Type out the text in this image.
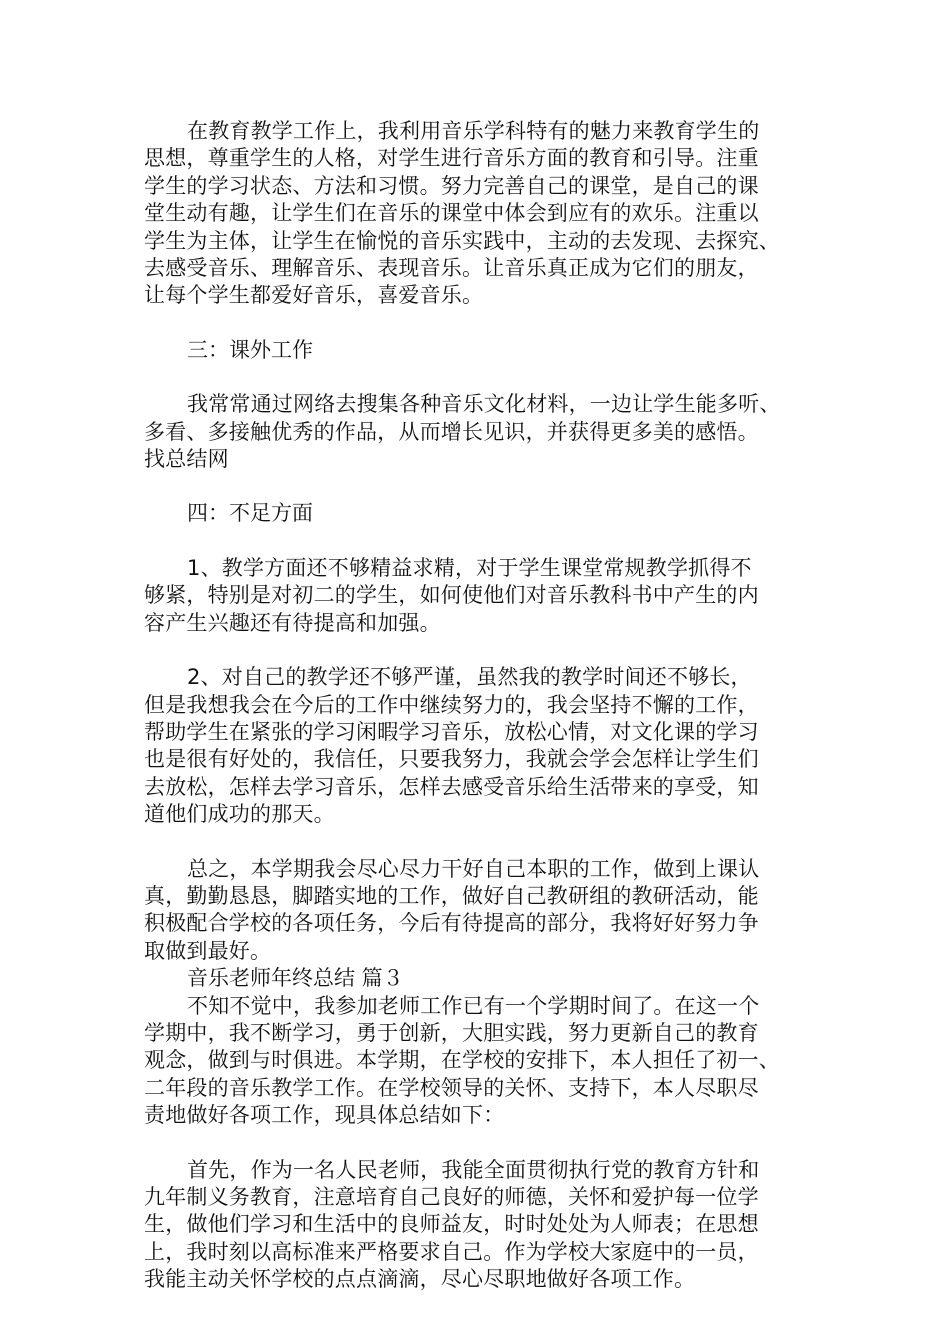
在教育教学工作上，我利用音乐学科特有的魅力来教育学生的
思想，尊重学生的人格，对学生进行音乐方面的教育和引导。注重
学生的学习状态、方法和习惯。努力完善自己的课堂，是自己的课
堂生动有趣，让学生们在音乐的课堂中体会到应有的欢乐。注重以
学生为主体，让学生在愉悦的音乐实践中，主动的去发现、去探究、
去感受音乐、理解音乐、表现音乐。让音乐真正成为它们的朋友，
让每个学生都爱好音乐，喜爱音乐。

三：课外工作

我常常通过网络去搜集各种音乐文化材料，一边让学生能多听、
多看、多接触优秀的作品，从而增长见识，并获得更多美的感悟。
找总结网

四：不足方面

1、教学方面还不够精益求精，对于学生课堂常规教学抓得不
够紧，特别是对初二的学生，如何使他们对音乐教科书中产生的内
容产生兴趣还有待提高和加强。

2、对自己的教学还不够严谨，虽然我的教学时间还不够长，
但是我想我会在今后的工作中继续努力的，我会坚持不懈的工作，
帮助学生在紧张的学习闲暇学习音乐，放松心情，对文化课的学习
也是很有好处的，我信任，只要我努力，我就会学会怎样让学生们
去放松，怎样去学习音乐，怎样去感受音乐给生活带来的享受，知
道他们成功的那天。

总之，本学期我会尽心尽力干好自己本职的工作，做到上课认
真，勤勤恳恳，脚踏实地的工作，做好自己教研组的教研活动，能
积极配合学校的各项任务，今后有待提高的部分，我将好好努力争
取做到最好。

音乐老师年终总结 篇３

不知不觉中，我参加老师工作已有一个学期时间了。在这一个
学期中，我不断学习，勇于创新，大胆实践，努力更新自己的教育
观念，做到与时俱进。本学期，在学校的安排下，本人担任了初一、
二年段的音乐教学工作。在学校领导的关怀、支持下，本人尽职尽
责地做好各项工作，现具体总结如下：

首先，作为一名人民老师，我能全面贯彻执行党的教育方针和
九年制义务教育，注意培育自己良好的师德，关怀和爱护每一位学
生，做他们学习和生活中的良师益友，时时处处为人师表；在思想
上，我时刻以高标准来严格要求自己。作为学校大家庭中的一员，
我能主动关怀学校的点点滴滴，尽心尽职地做好各项工作。
